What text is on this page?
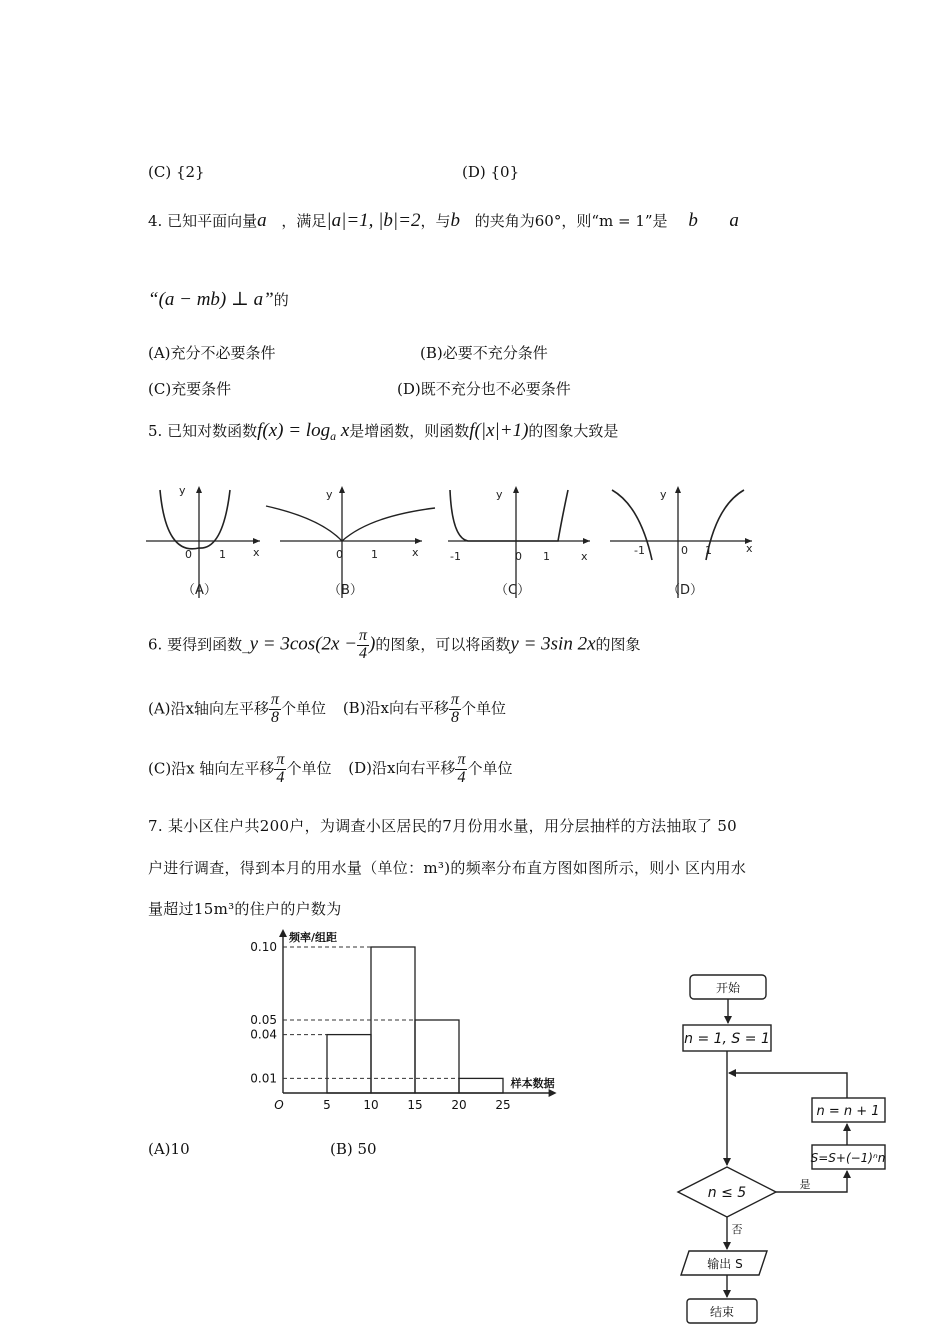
(C) {2}	(D) {0}
4. 已知平面向量a⃗，满足|a|=1, |b|=2，与b⃗的夹角为60°，则“m = 1”是 b⃗ a⃗
“(a − mb) ⊥ a”的
(A)充分不必要条件	(B)必要不充分条件
(C)充要条件	(D)既不充分也不必要条件
5. 已知对数函数$f(x) = \log_a x$是增函数，则函数f(|x|+1)的图象大致是
y
x
0 1
（A）
y
x
0	1
（B）
y
x
-1	0 1
（C）
y
x
-1	0 1
（D）
6. 要得到函数_y = $3\cos(2x - \frac{\pi}{4}$ )的图象，可以将函数y = 3sin 2x的图象
(A)沿x轴向左平移 $\frac{\pi}{8}$ 个单位 (B)沿x向右平移 $\frac{\pi}{8}$ 个单位
(C)沿x 轴向左平移 $\frac{\pi}{4}$ 个单位 (D)沿x向右平移 $\frac{\pi}{4}$ 个单位
7. 某小区住户共200户，为调查小区居民的7月份用水量，用分层抽样的方法抽取了 50
户进行调查，得到本月的用水量（单位：m³)的频率分布直方图如图所示，则小 区内用水
量超过15m³的住户的户数为
0.01
0.04
0.05
0.10
O	5	10 15 20 25
频率/组距
样本数据
(A)10	(B) 50
开始
n = 1, S = 1
n = n + 1
S=S+(−1)ⁿn
n ≤ 5
是
否
输出 S
结束
